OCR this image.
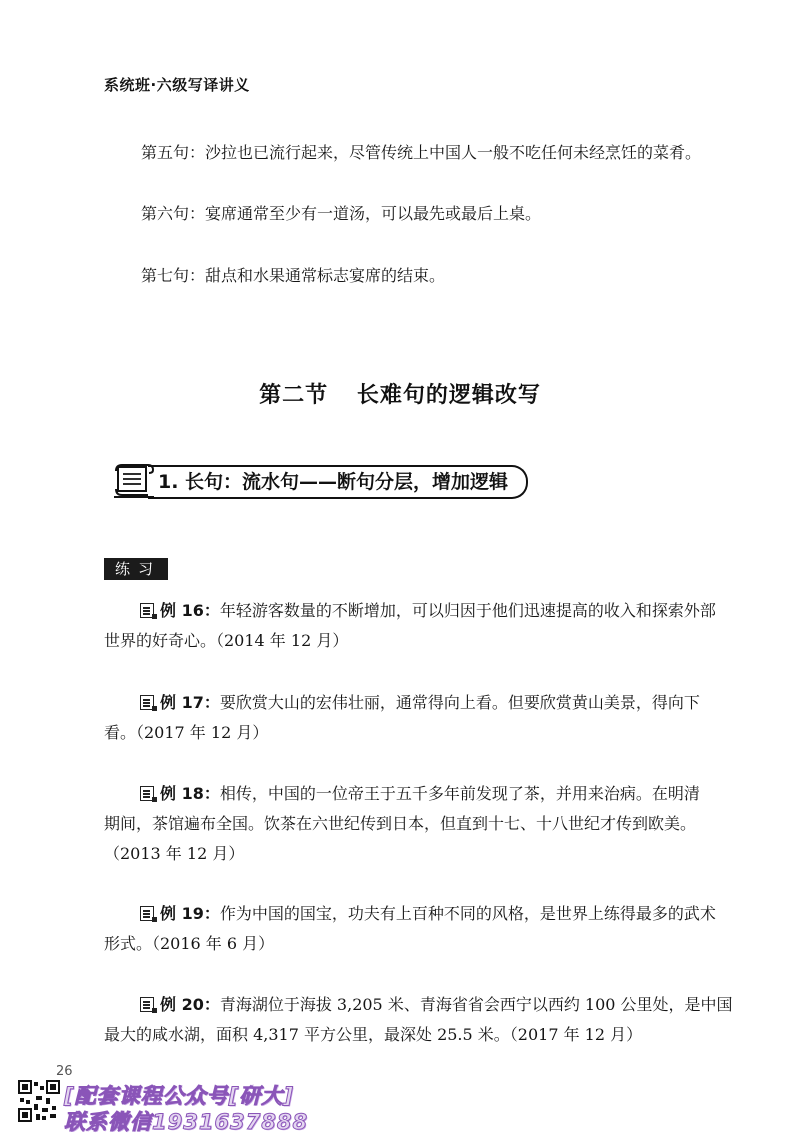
系统班·六级写译讲义
第五句：沙拉也已流行起来，尽管传统上中国人一般不吃任何未经烹饪的菜肴。
第六句：宴席通常至少有一道汤，可以最先或最后上桌。
第七句：甜点和水果通常标志宴席的结束。
第二节 长难句的逻辑改写
1. 长句：流水句——断句分层，增加逻辑
练习
例 16：年轻游客数量的不断增加，可以归因于他们迅速提高的收入和探索外部
世界的好奇心。（2014 年 12 月）
例 17：要欣赏大山的宏伟壮丽，通常得向上看。但要欣赏黄山美景，得向下
看。（2017 年 12 月）
例 18：相传，中国的一位帝王于五千多年前发现了茶，并用来治病。在明清
期间，茶馆遍布全国。饮茶在六世纪传到日本，但直到十七、十八世纪才传到欧美。
（2013 年 12 月）
例 19：作为中国的国宝，功夫有上百种不同的风格，是世界上练得最多的武术
形式。（2016 年 6 月）
例 20：青海湖位于海拔 3,205 米、青海省省会西宁以西约 100 公里处，是中国
最大的咸水湖，面积 4,317 平方公里，最深处 25.5 米。（2017 年 12 月）
26
[配套课程公众号[研大]
联系微信1931637888
